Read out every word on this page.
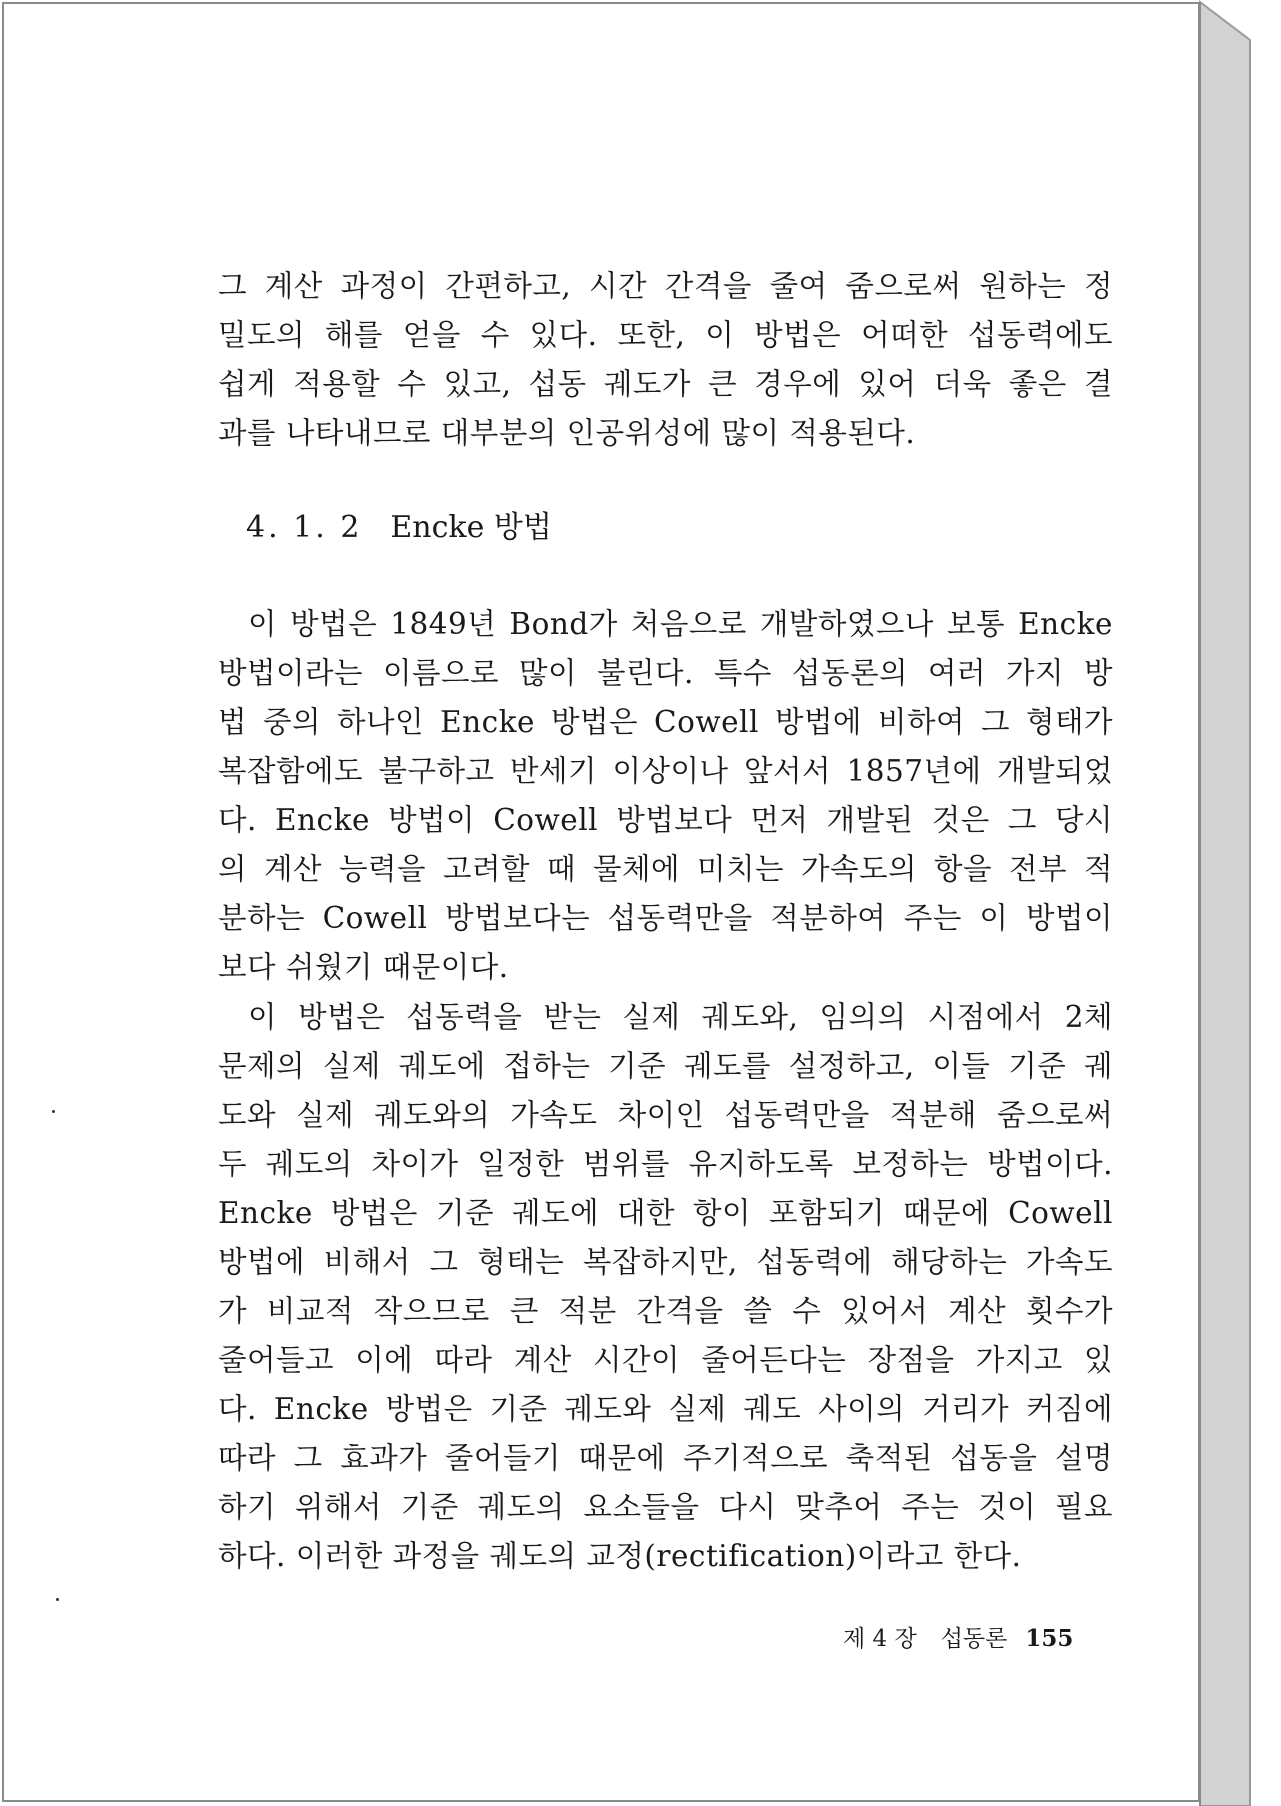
그 계산 과정이 간편하고, 시간 간격을 줄여 줌으로써 원하는 정
밀도의 해를 얻을 수 있다. 또한, 이 방법은 어떠한 섭동력에도
쉽게 적용할 수 있고, 섭동 궤도가 큰 경우에 있어 더욱 좋은 결
과를 나타내므로 대부분의 인공위성에 많이 적용된다.
4. 1. 2 Encke 방법
이 방법은 1849년 Bond가 처음으로 개발하였으나 보통 Encke
방법이라는 이름으로 많이 불린다. 특수 섭동론의 여러 가지 방
법 중의 하나인 Encke 방법은 Cowell 방법에 비하여 그 형태가
복잡함에도 불구하고 반세기 이상이나 앞서서 1857년에 개발되었
다. Encke 방법이 Cowell 방법보다 먼저 개발된 것은 그 당시
의 계산 능력을 고려할 때 물체에 미치는 가속도의 항을 전부 적
분하는 Cowell 방법보다는 섭동력만을 적분하여 주는 이 방법이
보다 쉬웠기 때문이다.
이 방법은 섭동력을 받는 실제 궤도와, 임의의 시점에서 2체
문제의 실제 궤도에 접하는 기준 궤도를 설정하고, 이들 기준 궤
도와 실제 궤도와의 가속도 차이인 섭동력만을 적분해 줌으로써
두 궤도의 차이가 일정한 범위를 유지하도록 보정하는 방법이다.
Encke 방법은 기준 궤도에 대한 항이 포함되기 때문에 Cowell
방법에 비해서 그 형태는 복잡하지만, 섭동력에 해당하는 가속도
가 비교적 작으므로 큰 적분 간격을 쓸 수 있어서 계산 횟수가
줄어들고 이에 따라 계산 시간이 줄어든다는 장점을 가지고 있
다. Encke 방법은 기준 궤도와 실제 궤도 사이의 거리가 커짐에
따라 그 효과가 줄어들기 때문에 주기적으로 축적된 섭동을 설명
하기 위해서 기준 궤도의 요소들을 다시 맞추어 주는 것이 필요
하다. 이러한 과정을 궤도의 교정(rectification)이라고 한다.
제 4 장 섭동론 155
